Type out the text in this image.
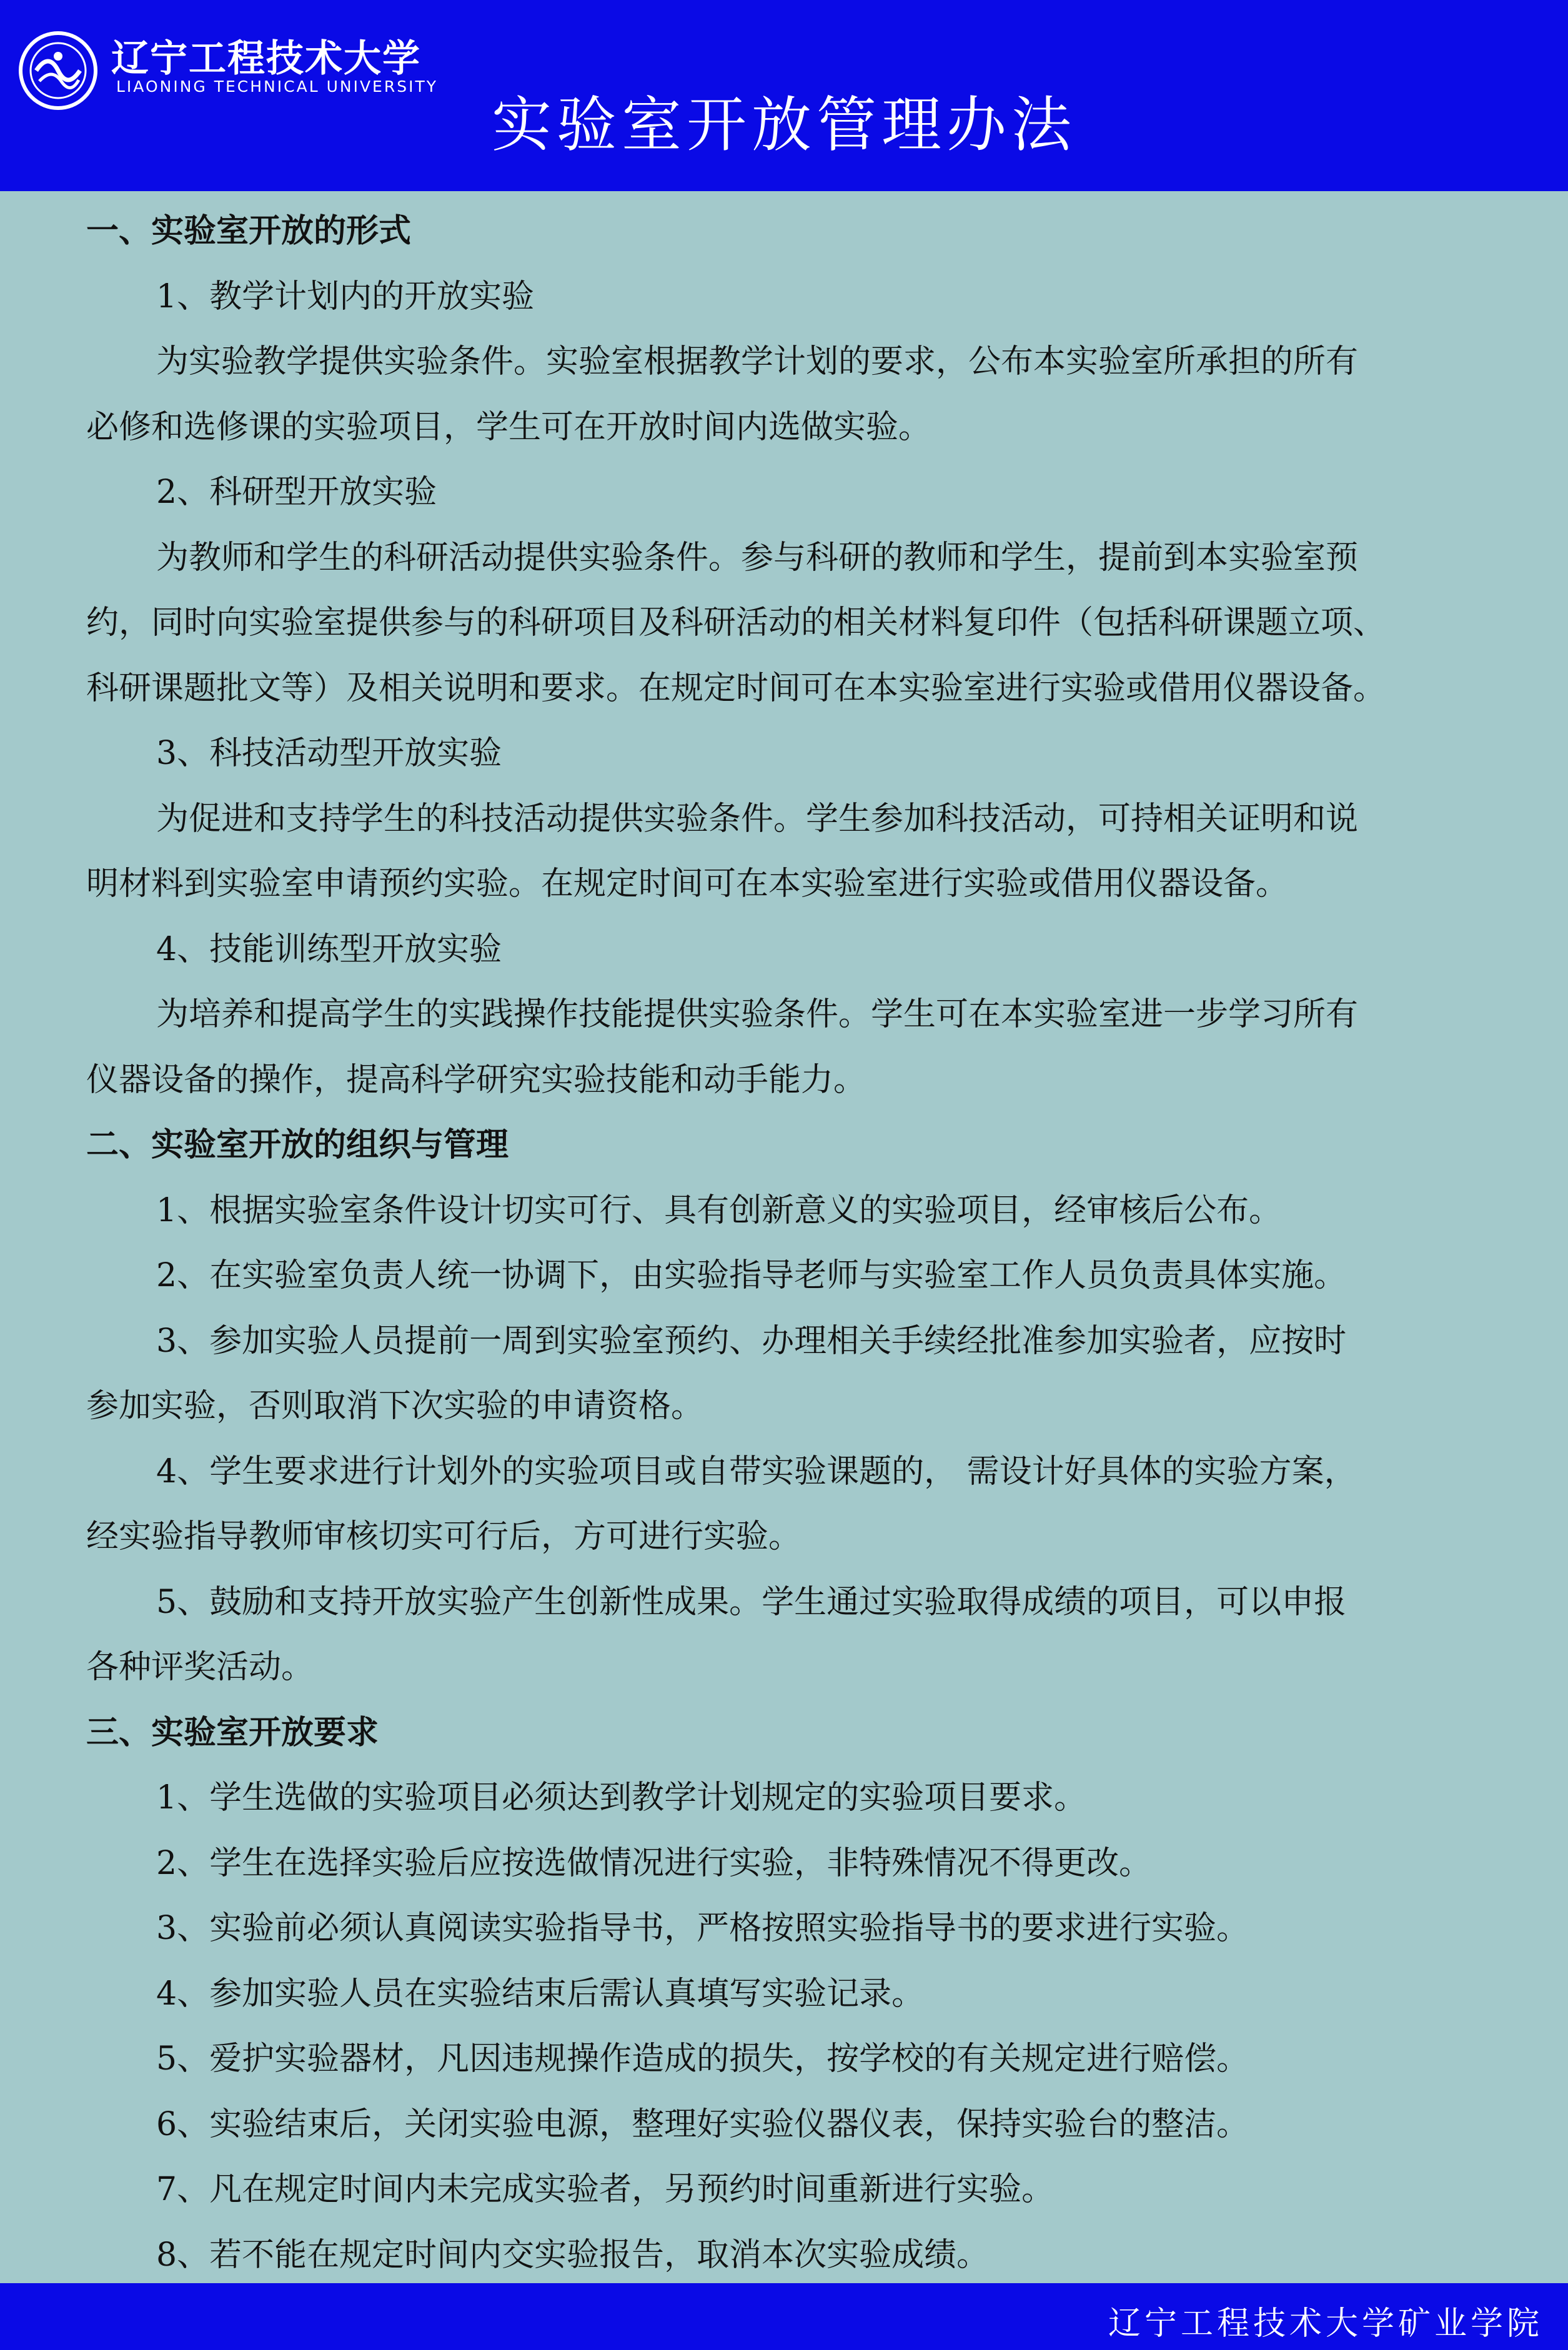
辽宁工程技术大学
LIAONING TECHNICAL UNIVERSITY
实验室开放管理办法
一、实验室开放的形式
1、教学计划内的开放实验
为实验教学提供实验条件。实验室根据教学计划的要求，公布本实验室所承担的所有
必修和选修课的实验项目，学生可在开放时间内选做实验。
2、科研型开放实验
为教师和学生的科研活动提供实验条件。参与科研的教师和学生，提前到本实验室预
约，同时向实验室提供参与的科研项目及科研活动的相关材料复印件（包括科研课题立项、
科研课题批文等）及相关说明和要求。在规定时间可在本实验室进行实验或借用仪器设备。
3、科技活动型开放实验
为促进和支持学生的科技活动提供实验条件。学生参加科技活动，可持相关证明和说
明材料到实验室申请预约实验。在规定时间可在本实验室进行实验或借用仪器设备。
4、技能训练型开放实验
为培养和提高学生的实践操作技能提供实验条件。学生可在本实验室进一步学习所有
仪器设备的操作，提高科学研究实验技能和动手能力。
二、实验室开放的组织与管理
1、根据实验室条件设计切实可行、具有创新意义的实验项目，经审核后公布。
2、在实验室负责人统一协调下，由实验指导老师与实验室工作人员负责具体实施。
3、参加实验人员提前一周到实验室预约、办理相关手续经批准参加实验者，应按时
参加实验，否则取消下次实验的申请资格。
4、学生要求进行计划外的实验项目或自带实验课题的， 需设计好具体的实验方案，
经实验指导教师审核切实可行后，方可进行实验。
5、鼓励和支持开放实验产生创新性成果。学生通过实验取得成绩的项目，可以申报
各种评奖活动。
三、实验室开放要求
1、学生选做的实验项目必须达到教学计划规定的实验项目要求。
2、学生在选择实验后应按选做情况进行实验，非特殊情况不得更改。
3、实验前必须认真阅读实验指导书，严格按照实验指导书的要求进行实验。
4、参加实验人员在实验结束后需认真填写实验记录。
5、爱护实验器材，凡因违规操作造成的损失，按学校的有关规定进行赔偿。
6、实验结束后，关闭实验电源，整理好实验仪器仪表，保持实验台的整洁。
7、凡在规定时间内未完成实验者，另预约时间重新进行实验。
8、若不能在规定时间内交实验报告，取消本次实验成绩。
辽宁工程技术大学矿业学院
